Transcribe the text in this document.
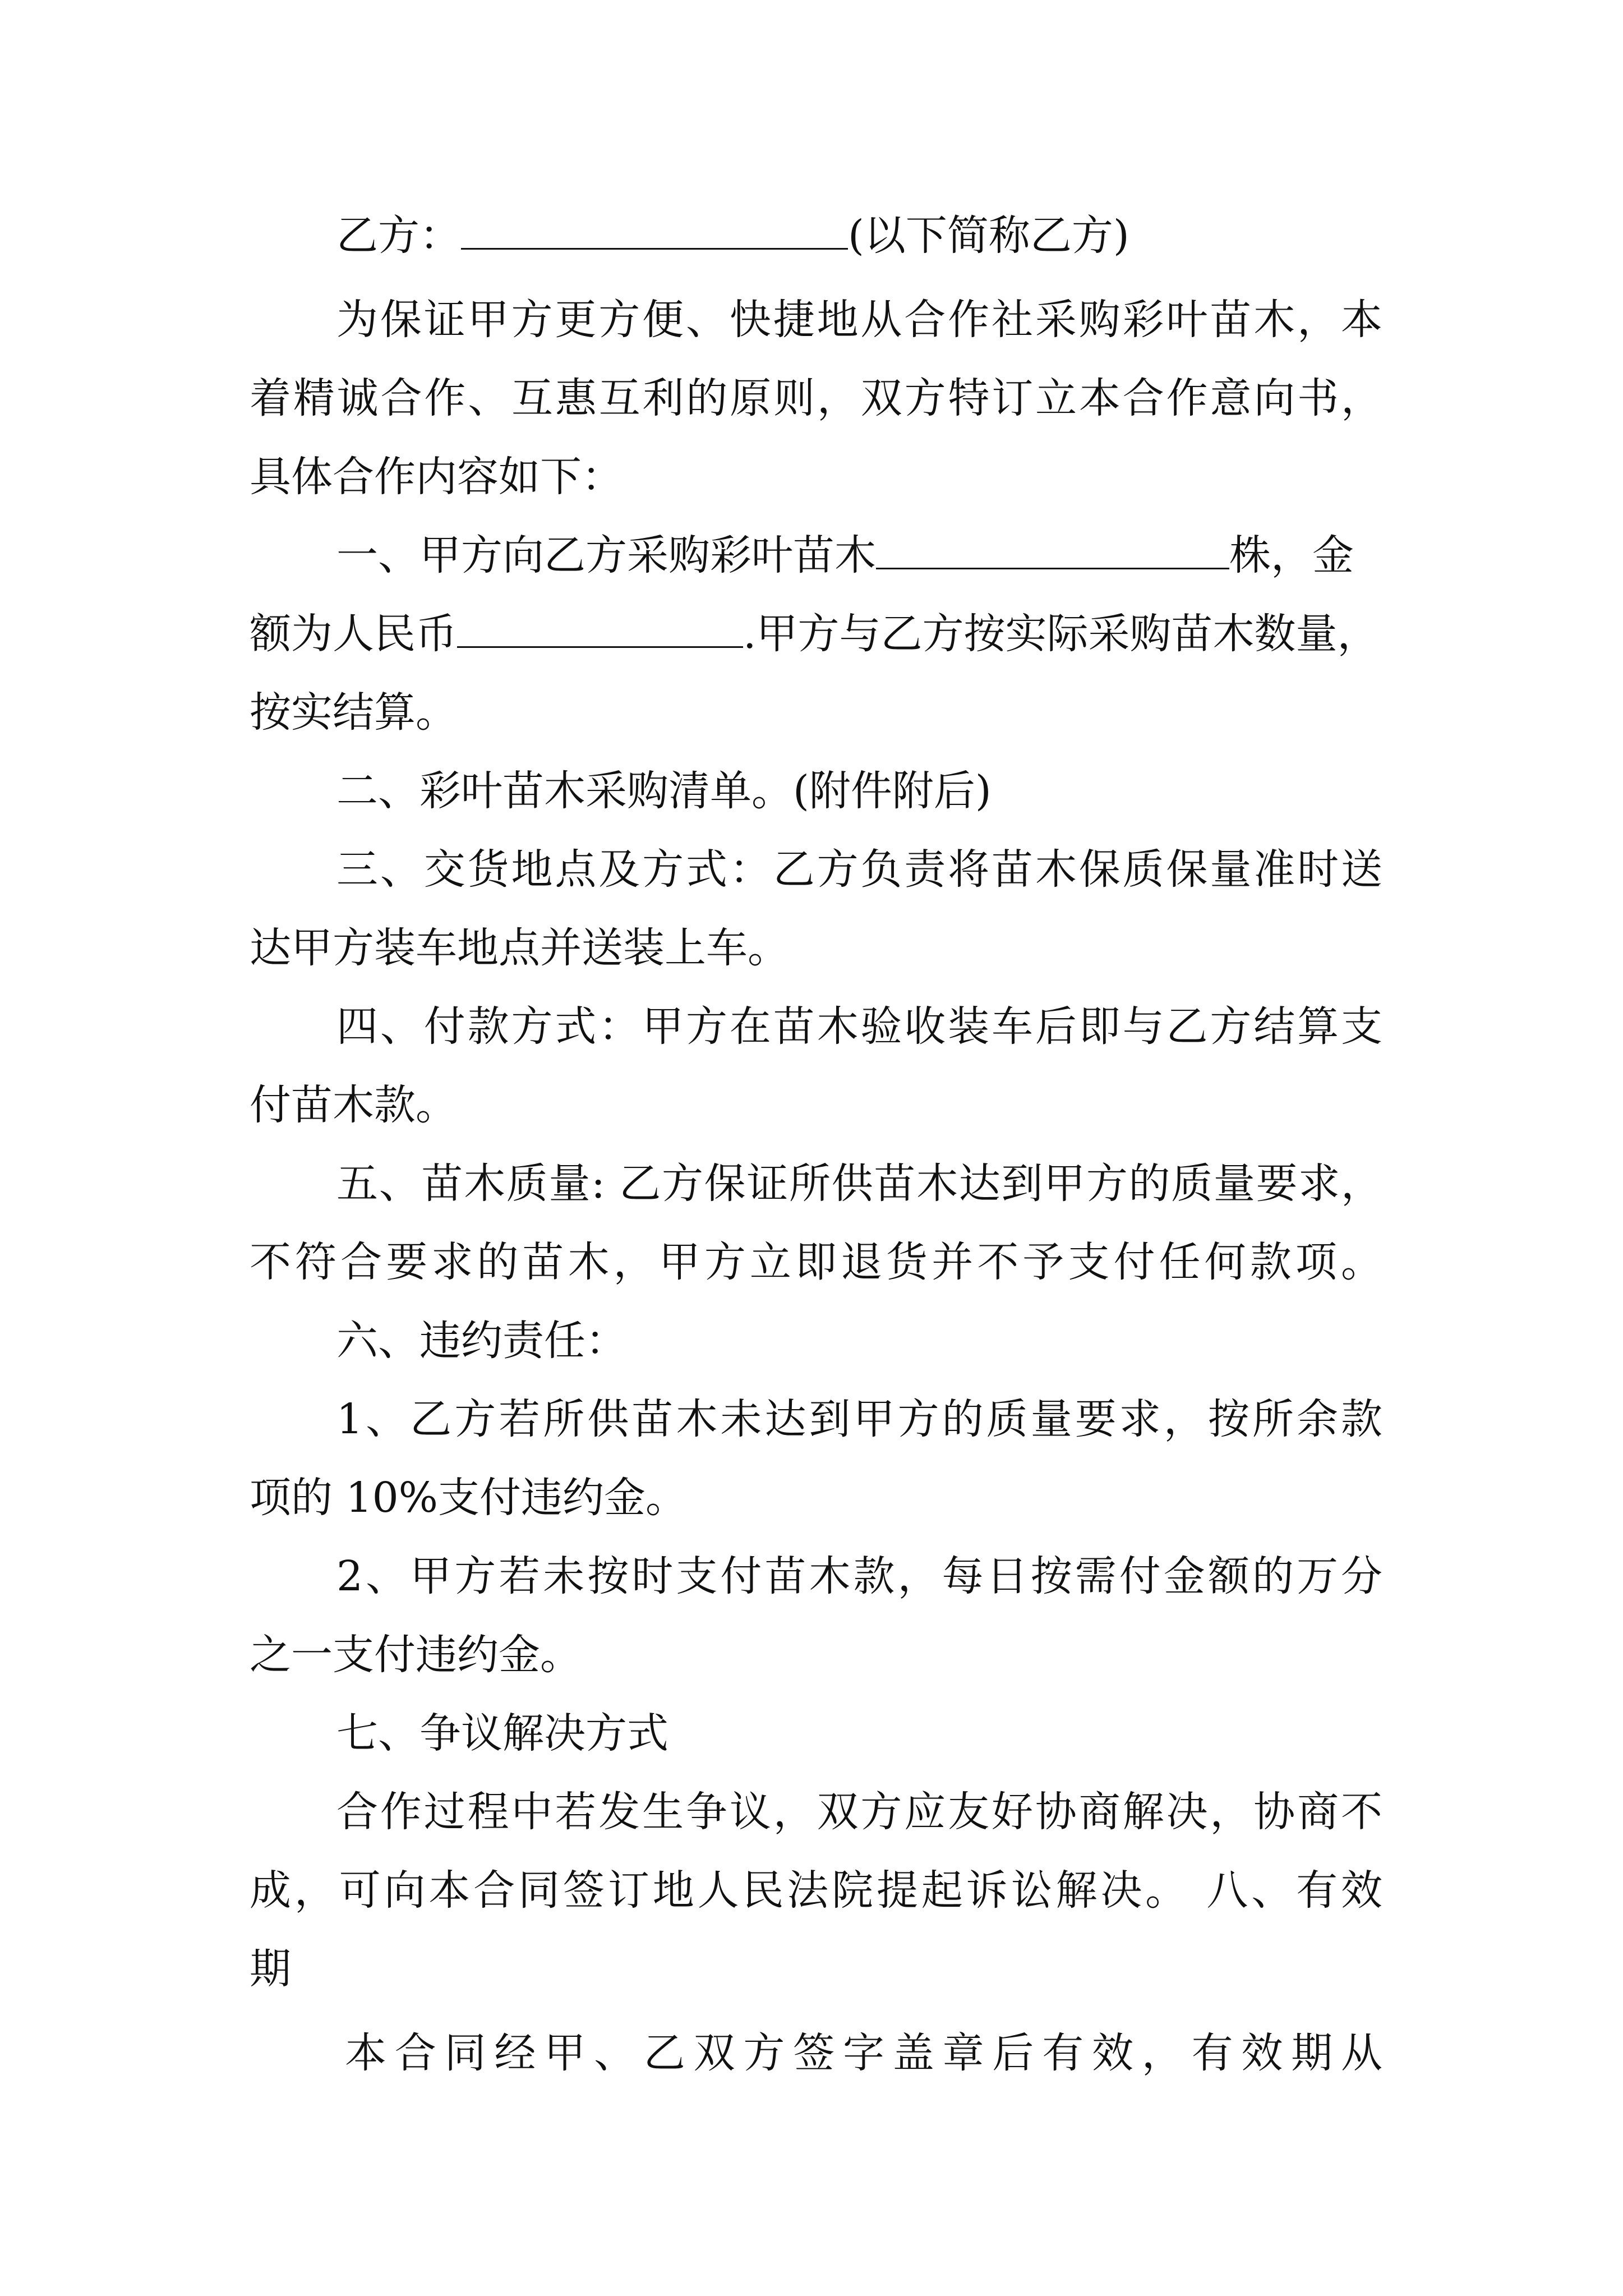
乙方：	(以下简称乙方)
为保证甲方更方便、快捷地从合作社采购彩叶苗木，本
着精诚合作、互惠互利的原则，双方特订立本合作意向书，
具体合作内容如下：
一、甲方向乙方采购彩叶苗木	株，金
额为人民币	.甲方与乙方按实际采购苗木数量，
按实结算。
二、彩叶苗木采购清单。(附件附后)
三、交货地点及方式：乙方负责将苗木保质保量准时送
达甲方装车地点并送装上车。
四、付款方式：甲方在苗木验收装车后即与乙方结算支
付苗木款。
五、苗木质量: 乙方保证所供苗木达到甲方的质量要求，
不符合要求的苗木，甲方立即退货并不予支付任何款项。
六、违约责任：
1、乙方若所供苗木未达到甲方的质量要求，按所余款
项的 10%支付违约金。
2、甲方若未按时支付苗木款，每日按需付金额的万分
之一支付违约金。
七、争议解决方式
合作过程中若发生争议，双方应友好协商解决，协商不
成，可向本合同签订地人民法院提起诉讼解决。 八、有效
期
本合同经甲、乙双方签字盖章后有效，有效期从
